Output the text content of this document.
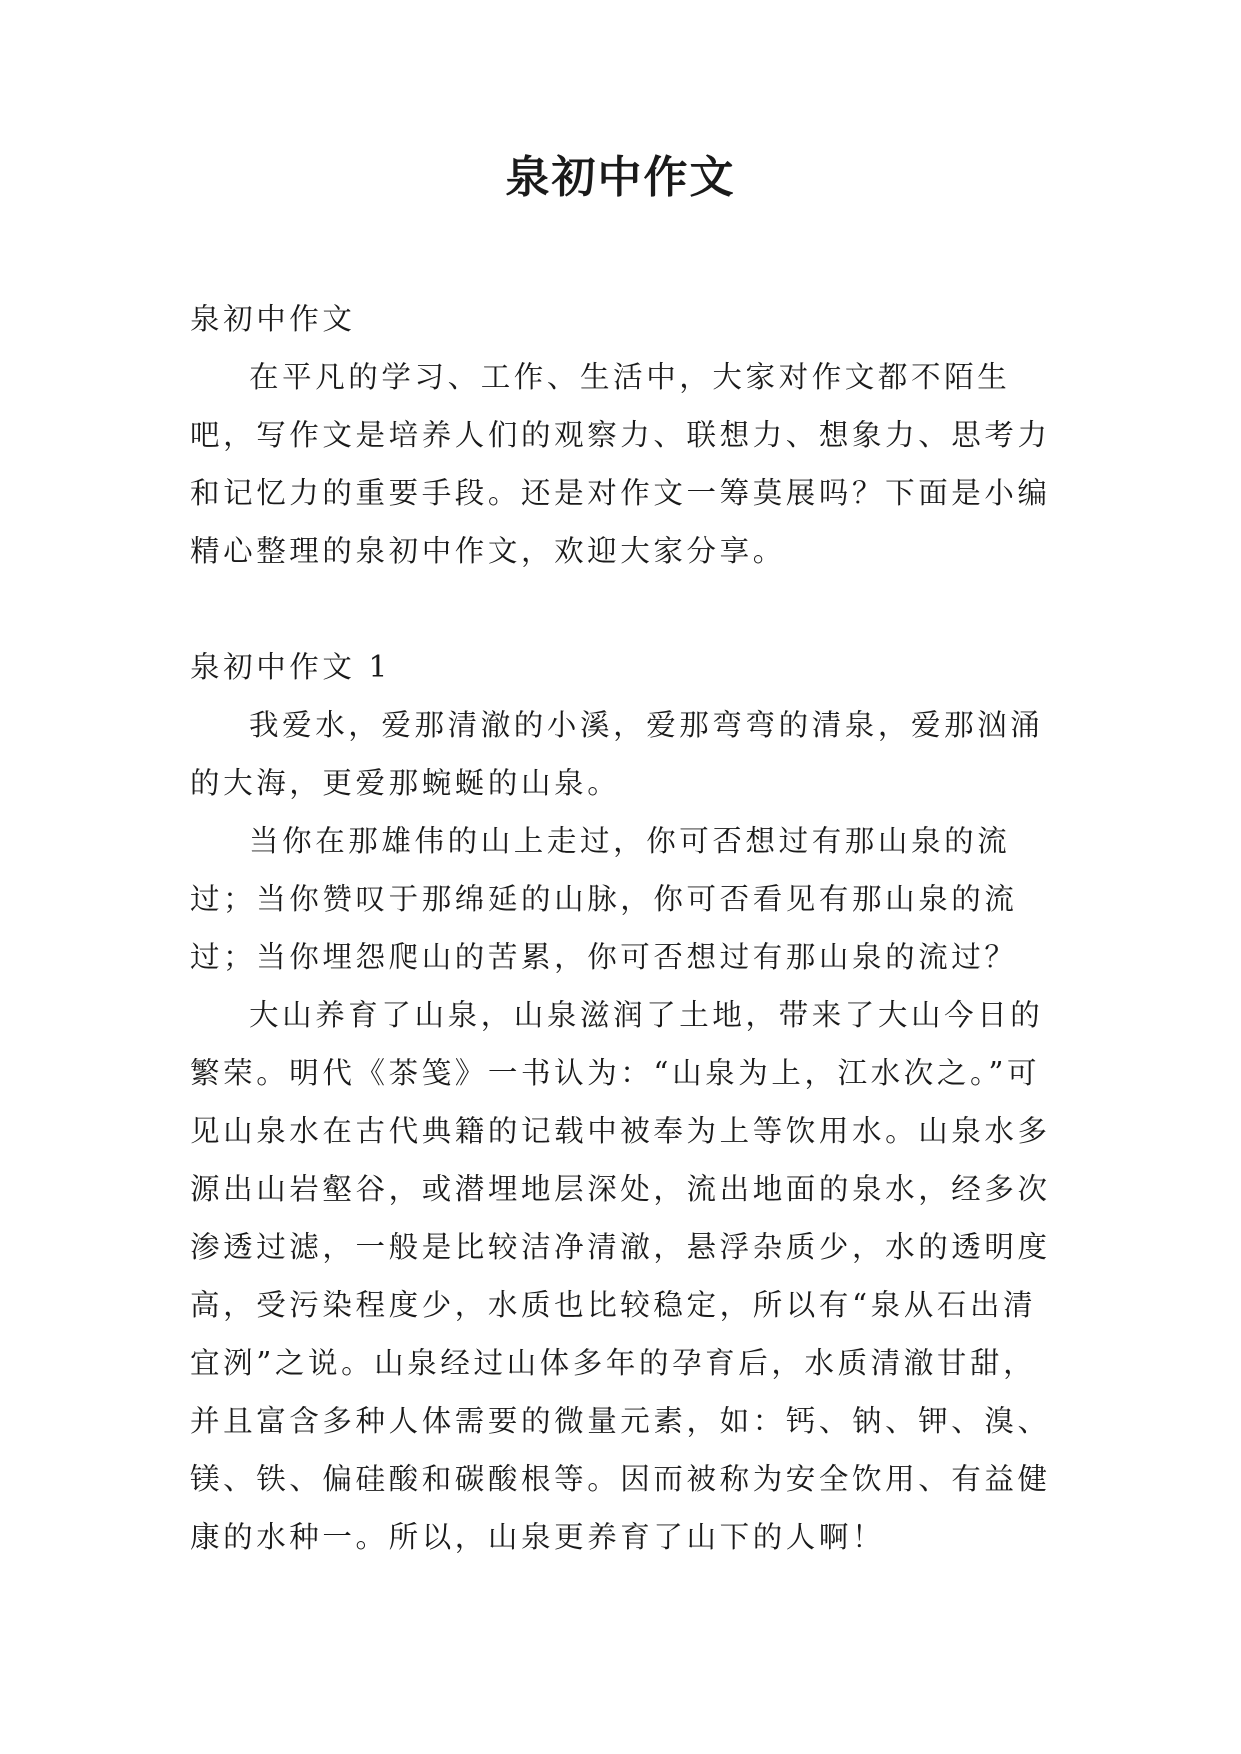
泉初中作文

泉初中作文

在平凡的学习、工作、生活中，大家对作文都不陌生吧，写作文是培养人们的观察力、联想力、想象力、思考力和记忆力的重要手段。还是对作文一筹莫展吗？下面是小编精心整理的泉初中作文，欢迎大家分享。

泉初中作文 1

我爱水，爱那清澈的小溪，爱那弯弯的清泉，爱那汹涌的大海，更爱那蜿蜒的山泉。

当你在那雄伟的山上走过，你可否想过有那山泉的流过；当你赞叹于那绵延的山脉，你可否看见有那山泉的流过；当你埋怨爬山的苦累，你可否想过有那山泉的流过？

大山养育了山泉，山泉滋润了土地，带来了大山今日的繁荣。明代《茶笺》一书认为：“山泉为上，江水次之。”可见山泉水在古代典籍的记载中被奉为上等饮用水。山泉水多源出山岩壑谷，或潜埋地层深处，流出地面的泉水，经多次渗透过滤，一般是比较洁净清澈，悬浮杂质少，水的透明度高，受污染程度少，水质也比较稳定，所以有“泉从石出清宜洌”之说。山泉经过山体多年的孕育后，水质清澈甘甜，并且富含多种人体需要的微量元素，如：钙、钠、钾、溴、镁、铁、偏硅酸和碳酸根等。因而被称为安全饮用、有益健康的水种一。所以，山泉更养育了山下的人啊！
